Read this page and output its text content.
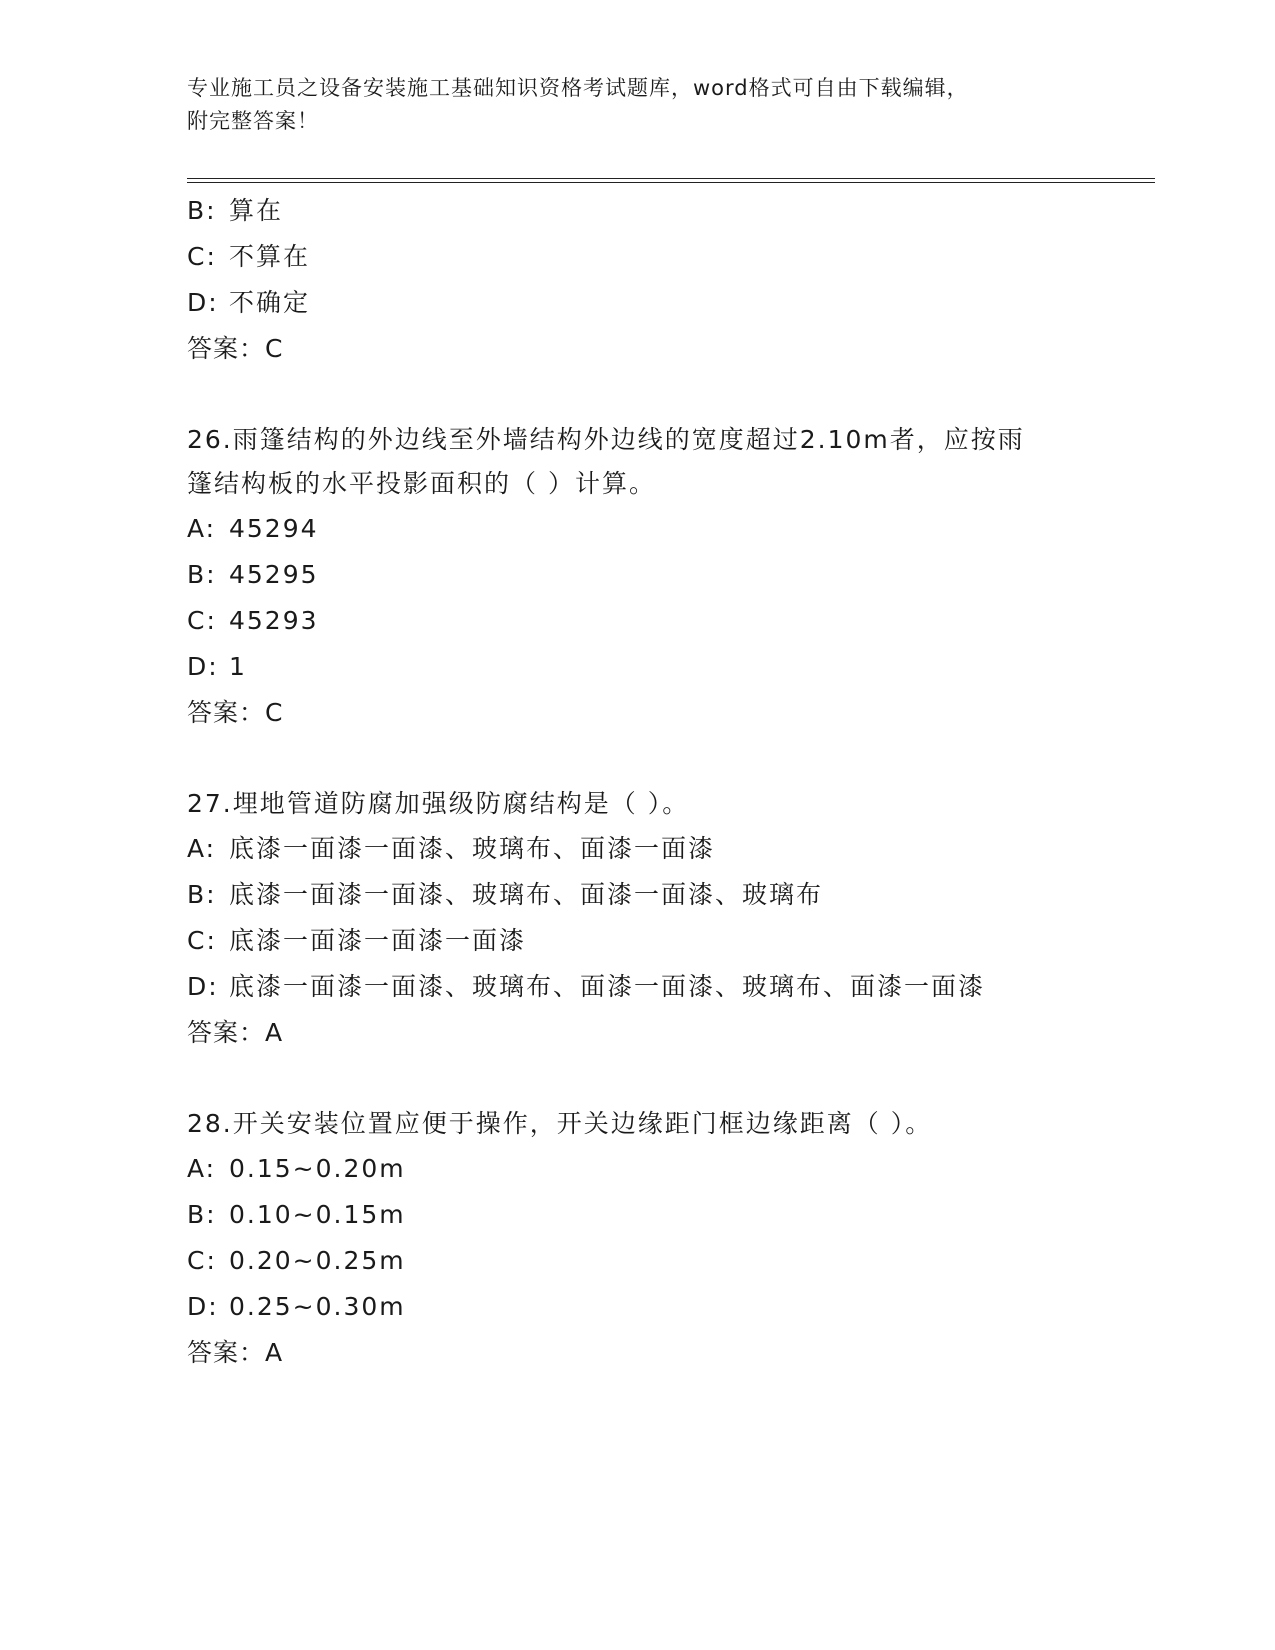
专业施工员之设备安装施工基础知识资格考试题库，word格式可自由下载编辑，
附完整答案！
B: 算在
C: 不算在
D: 不确定
答案：C
26.雨篷结构的外边线至外墙结构外边线的宽度超过2.10m者，应按雨
篷结构板的水平投影面积的（ ）计算。
A: 45294
B: 45295
C: 45293
D: 1
答案：C
27.埋地管道防腐加强级防腐结构是（ ）。
A: 底漆一面漆一面漆、玻璃布、面漆一面漆
B: 底漆一面漆一面漆、玻璃布、面漆一面漆、玻璃布
C: 底漆一面漆一面漆一面漆
D: 底漆一面漆一面漆、玻璃布、面漆一面漆、玻璃布、面漆一面漆
答案：A
28.开关安装位置应便于操作，开关边缘距门框边缘距离（ ）。
A: 0.15~0.20m
B: 0.10~0.15m
C: 0.20~0.25m
D: 0.25~0.30m
答案：A
